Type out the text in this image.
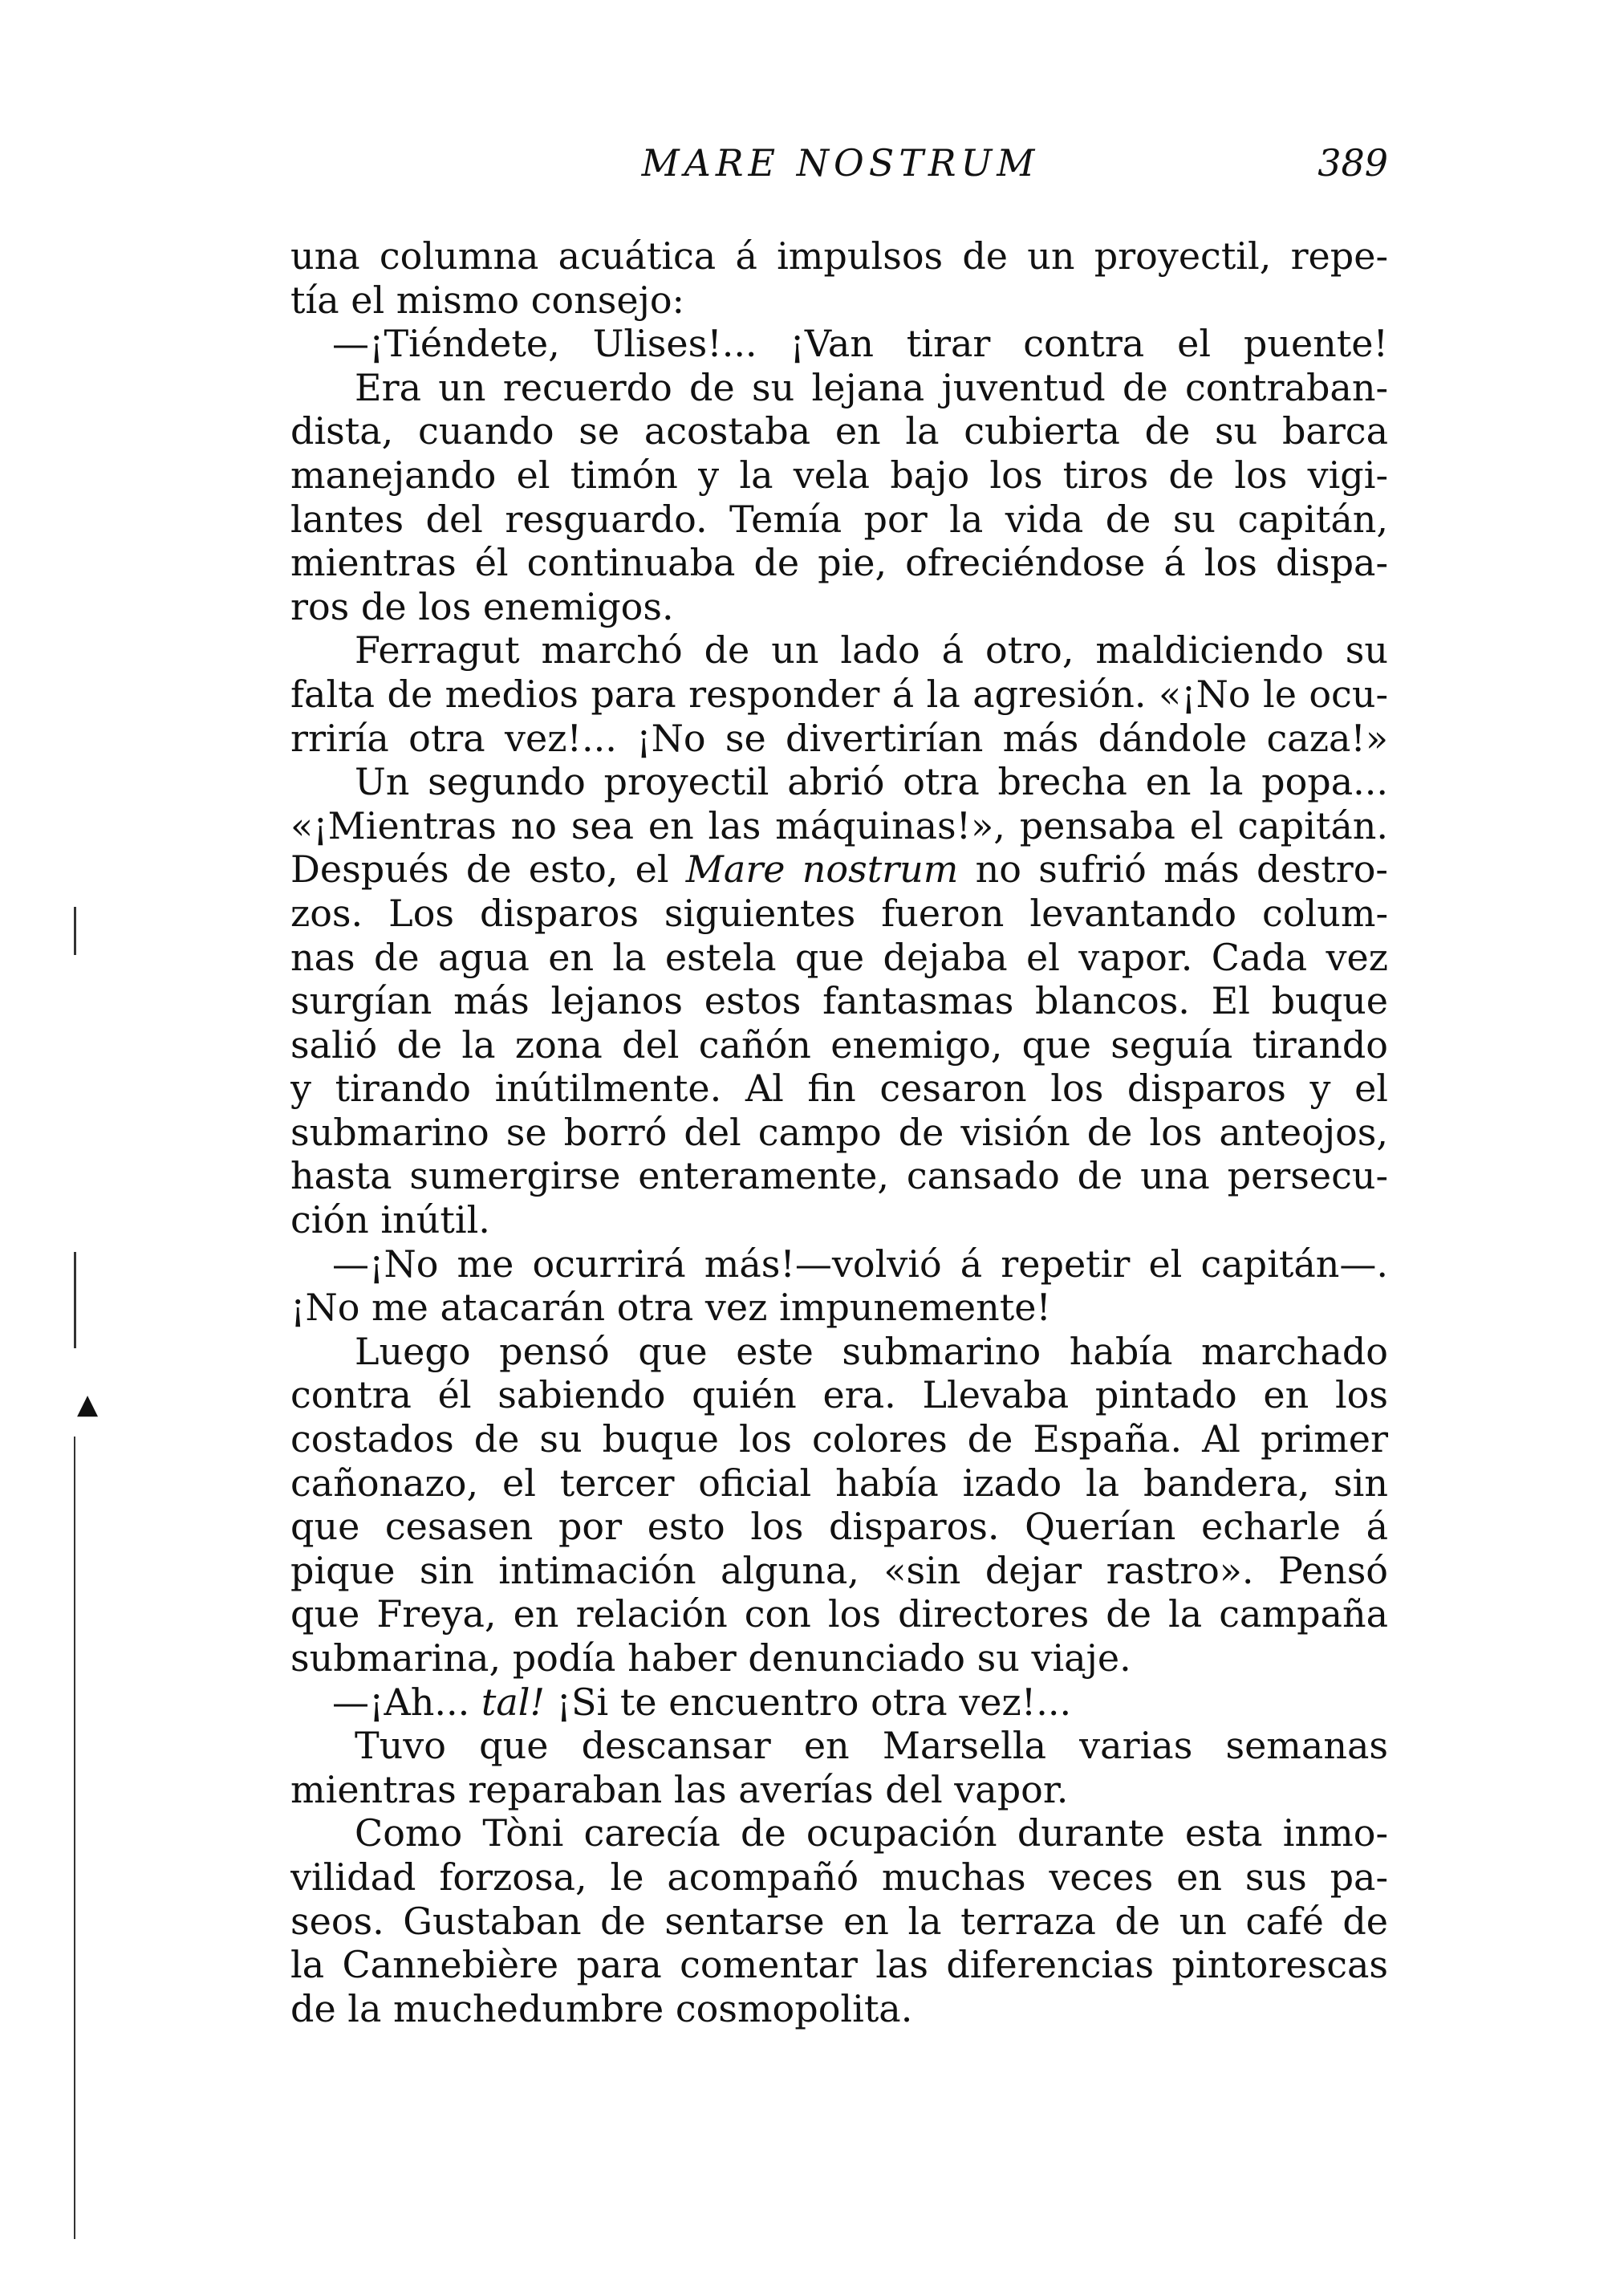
MARE NOSTRUM	389
una columna acuática á impulsos de un proyectil, repe-
tía el mismo consejo:
—¡Tiéndete, Ulises!... ¡Van tirar contra el puente!
Era un recuerdo de su lejana juventud de contraban-
dista, cuando se acostaba en la cubierta de su barca
manejando el timón y la vela bajo los tiros de los vigi-
lantes del resguardo. Temía por la vida de su capitán,
mientras él continuaba de pie, ofreciéndose á los dispa-
ros de los enemigos.
Ferragut marchó de un lado á otro, maldiciendo su
falta de medios para responder á la agresión. «¡No le ocu-
rriría otra vez!... ¡No se divertirían más dándole caza!»
Un segundo proyectil abrió otra brecha en la popa...
«¡Mientras no sea en las máquinas!», pensaba el capitán.
Después de esto, el Mare nostrum no sufrió más destro-
zos. Los disparos siguientes fueron levantando colum-
nas de agua en la estela que dejaba el vapor. Cada vez
surgían más lejanos estos fantasmas blancos. El buque
salió de la zona del cañón enemigo, que seguía tirando
y tirando inútilmente. Al fin cesaron los disparos y el
submarino se borró del campo de visión de los anteojos,
hasta sumergirse enteramente, cansado de una persecu-
ción inútil.
—¡No me ocurrirá más!—volvió á repetir el capitán—.
¡No me atacarán otra vez impunemente!
Luego pensó que este submarino había marchado
contra él sabiendo quién era. Llevaba pintado en los
costados de su buque los colores de España. Al primer
cañonazo, el tercer oficial había izado la bandera, sin
que cesasen por esto los disparos. Querían echarle á
pique sin intimación alguna, «sin dejar rastro». Pensó
que Freya, en relación con los directores de la campaña
submarina, podía haber denunciado su viaje.
—¡Ah... tal! ¡Si te encuentro otra vez!...
Tuvo que descansar en Marsella varias semanas
mientras reparaban las averías del vapor.
Como Tòni carecía de ocupación durante esta inmo-
vilidad forzosa, le acompañó muchas veces en sus pa-
seos. Gustaban de sentarse en la terraza de un café de
la Cannebière para comentar las diferencias pintorescas
de la muchedumbre cosmopolita.
▲
